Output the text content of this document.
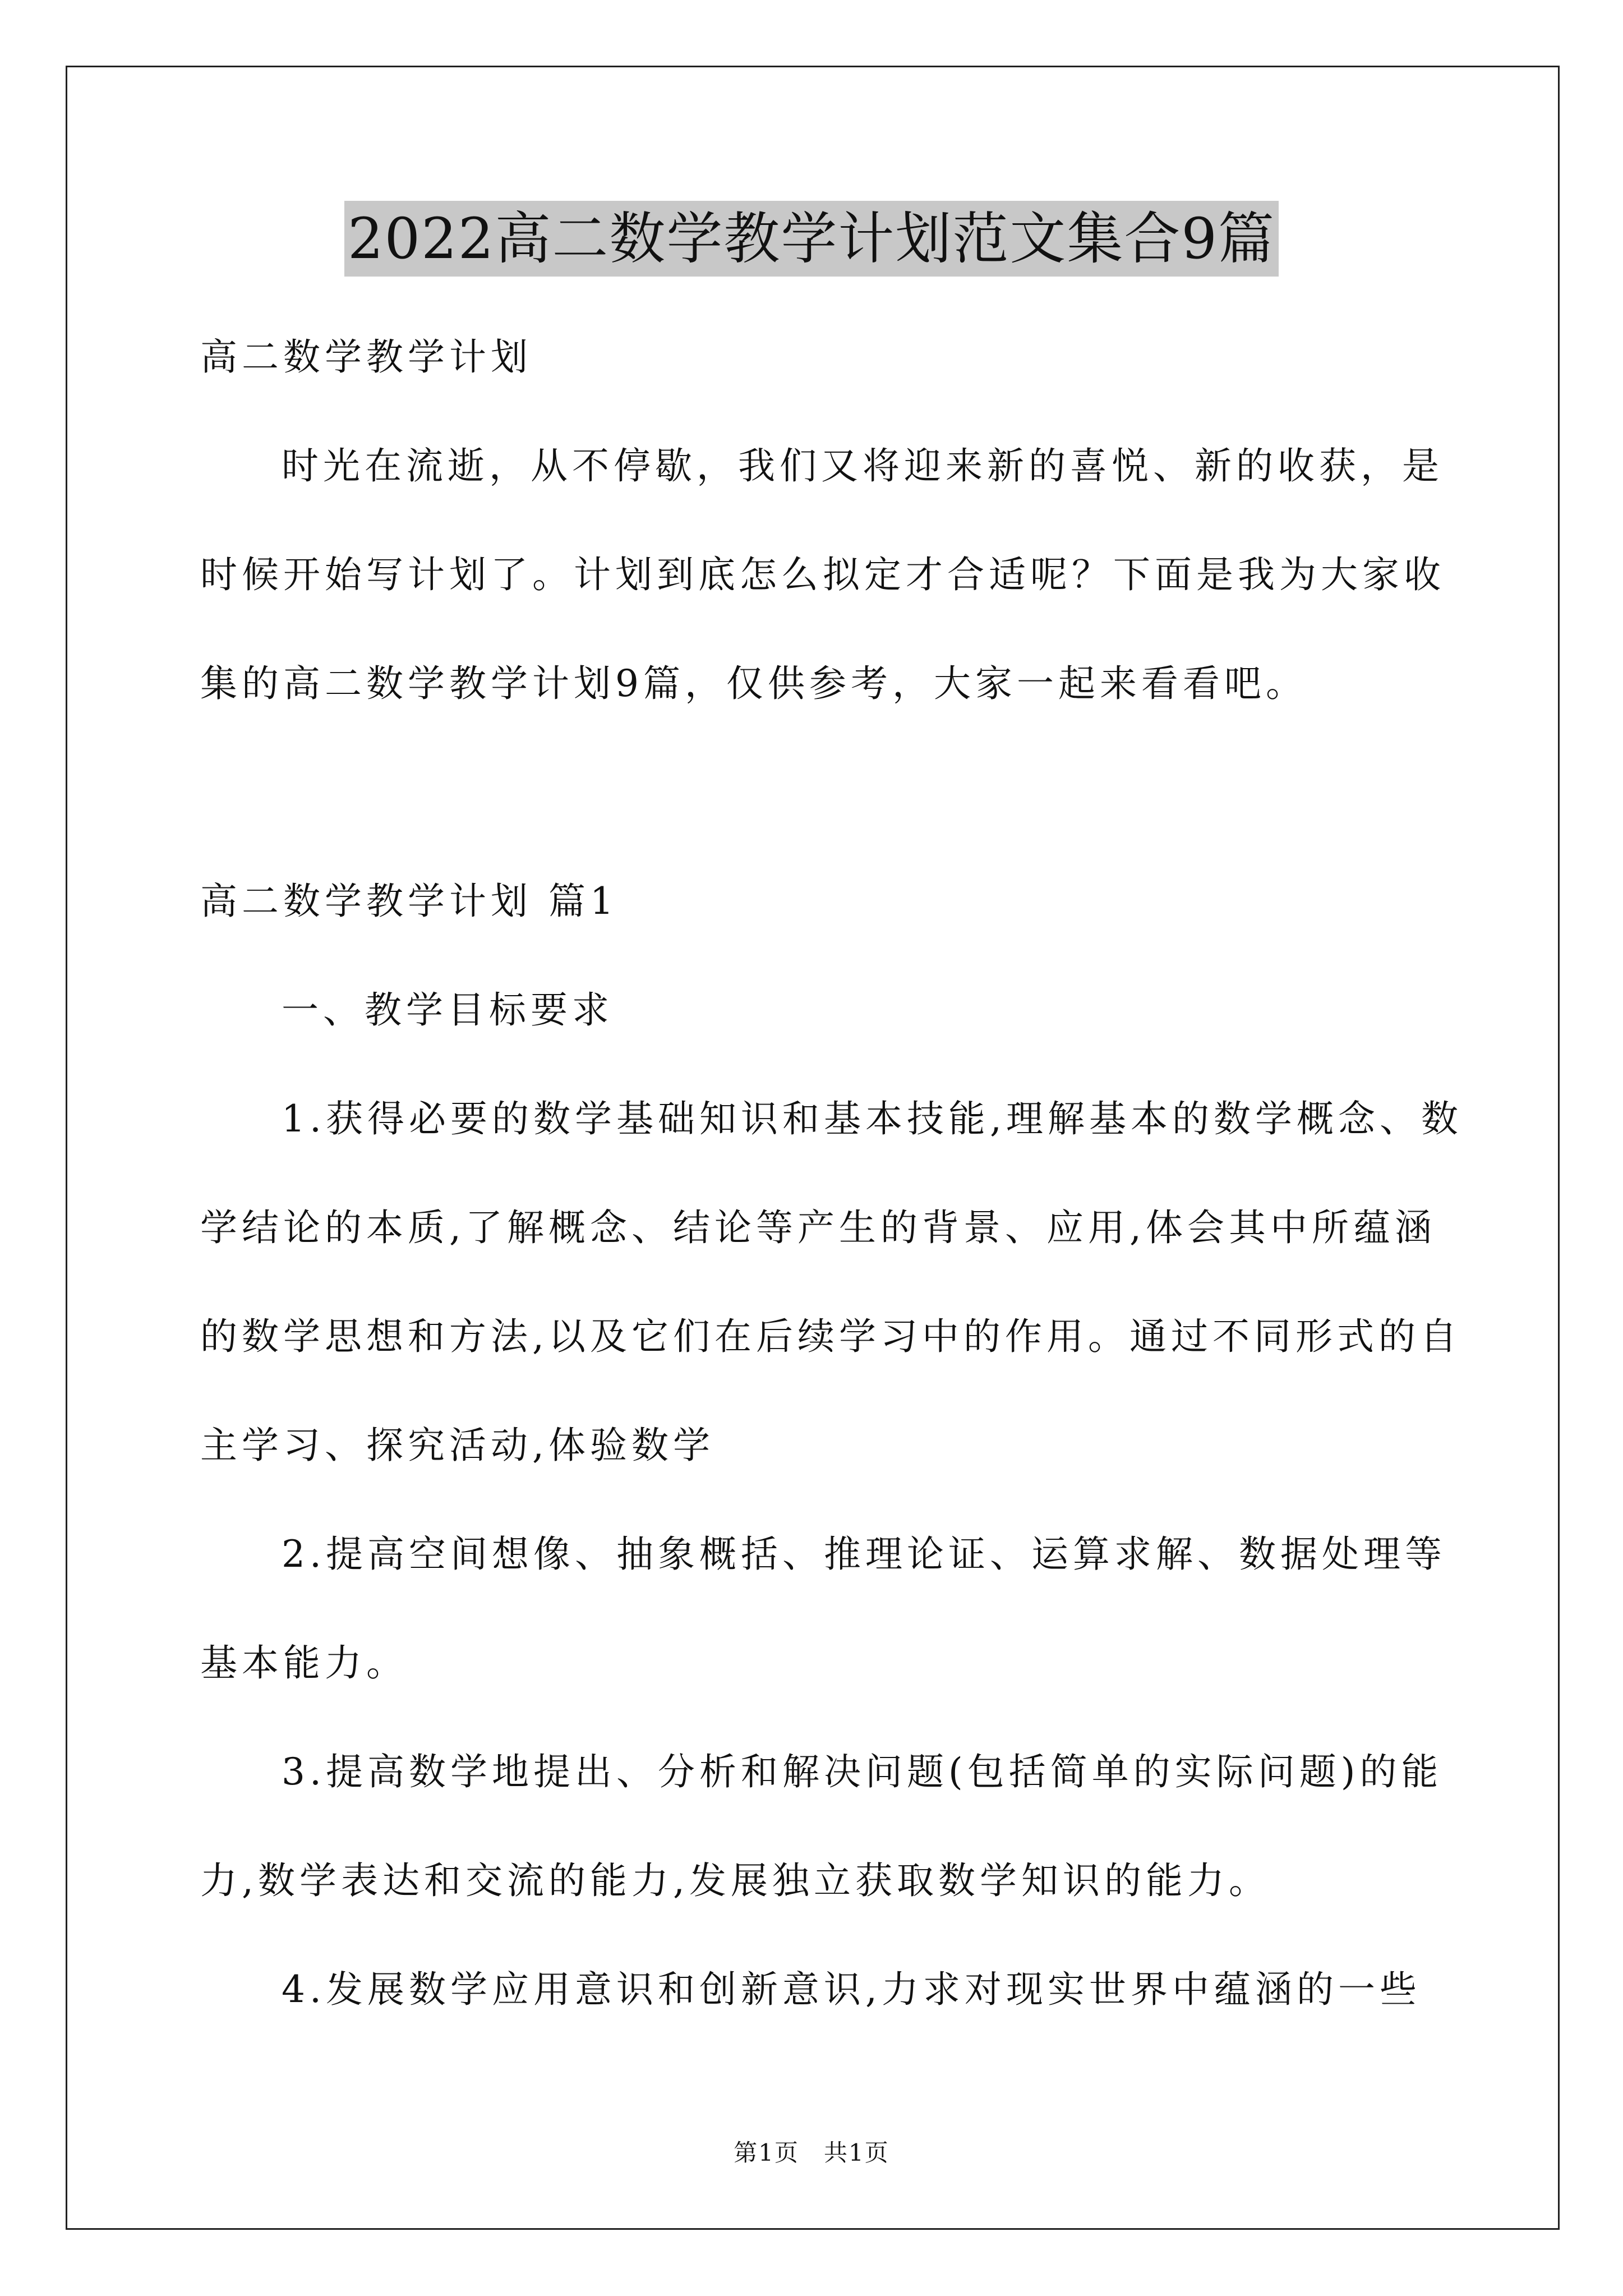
2022高二数学教学计划范文集合9篇
高二数学教学计划
时光在流逝，从不停歇，我们又将迎来新的喜悦、新的收获，是
时候开始写计划了。计划到底怎么拟定才合适呢？下面是我为大家收
集的高二数学教学计划9篇，仅供参考，大家一起来看看吧。
高二数学教学计划 篇1
一、教学目标要求
1.获得必要的数学基础知识和基本技能,理解基本的数学概念、数
学结论的本质,了解概念、结论等产生的背景、应用,体会其中所蕴涵
的数学思想和方法,以及它们在后续学习中的作用。通过不同形式的自
主学习、探究活动,体验数学
2.提高空间想像、抽象概括、推理论证、运算求解、数据处理等
基本能力。
3.提高数学地提出、分析和解决问题(包括简单的实际问题)的能
力,数学表达和交流的能力,发展独立获取数学知识的能力。
4.发展数学应用意识和创新意识,力求对现实世界中蕴涵的一些
第1页　共1页
